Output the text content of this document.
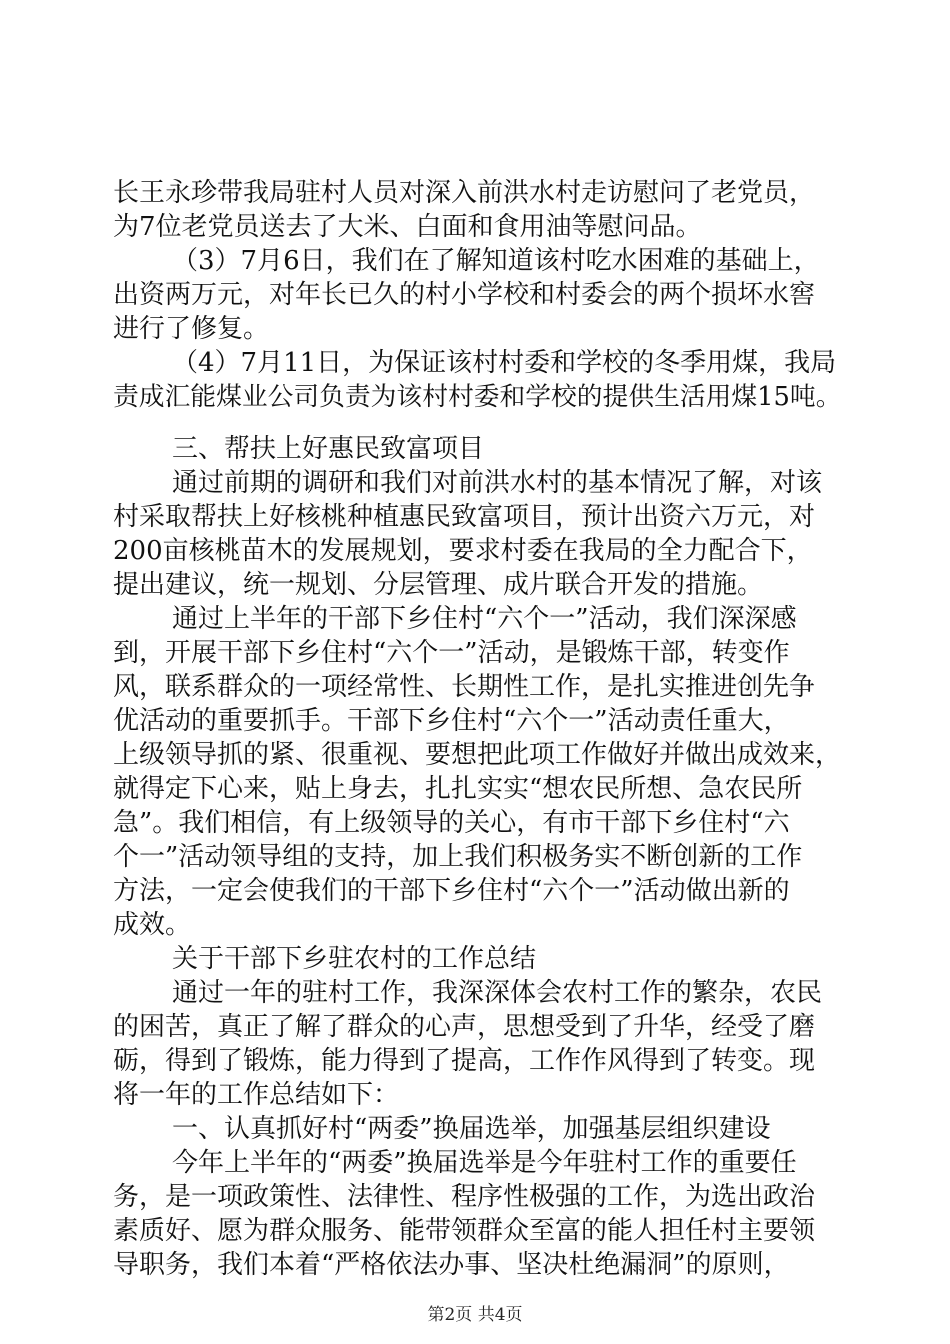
长王永珍带我局驻村人员对深入前洪水村走访慰问了老党员，
为7位老党员送去了大米、白面和食用油等慰问品。
（3）7月6日，我们在了解知道该村吃水困难的基础上，
出资两万元，对年长已久的村小学校和村委会的两个损坏水窖
进行了修复。
（4）7月11日，为保证该村村委和学校的冬季用煤，我局
责成汇能煤业公司负责为该村村委和学校的提供生活用煤15吨。
三、帮扶上好惠民致富项目
通过前期的调研和我们对前洪水村的基本情况了解，对该
村采取帮扶上好核桃种植惠民致富项目，预计出资六万元，对
200亩核桃苗木的发展规划，要求村委在我局的全力配合下，
提出建议，统一规划、分层管理、成片联合开发的措施。
通过上半年的干部下乡住村“六个一”活动，我们深深感
到，开展干部下乡住村“六个一”活动，是锻炼干部，转变作
风，联系群众的一项经常性、长期性工作，是扎实推进创先争
优活动的重要抓手。干部下乡住村“六个一”活动责任重大，
上级领导抓的紧、很重视、要想把此项工作做好并做出成效来，
就得定下心来，贴上身去，扎扎实实“想农民所想、急农民所
急”。我们相信，有上级领导的关心，有市干部下乡住村“六
个一”活动领导组的支持，加上我们积极务实不断创新的工作
方法，一定会使我们的干部下乡住村“六个一”活动做出新的
成效。
关于干部下乡驻农村的工作总结
通过一年的驻村工作，我深深体会农村工作的繁杂，农民
的困苦，真正了解了群众的心声，思想受到了升华，经受了磨
砺，得到了锻炼，能力得到了提高，工作作风得到了转变。现
将一年的工作总结如下：
一、认真抓好村“两委”换届选举，加强基层组织建设
今年上半年的“两委”换届选举是今年驻村工作的重要任
务，是一项政策性、法律性、程序性极强的工作，为选出政治
素质好、愿为群众服务、能带领群众至富的能人担任村主要领
导职务，我们本着“严格依法办事、坚决杜绝漏洞”的原则，
第2页 共4页
